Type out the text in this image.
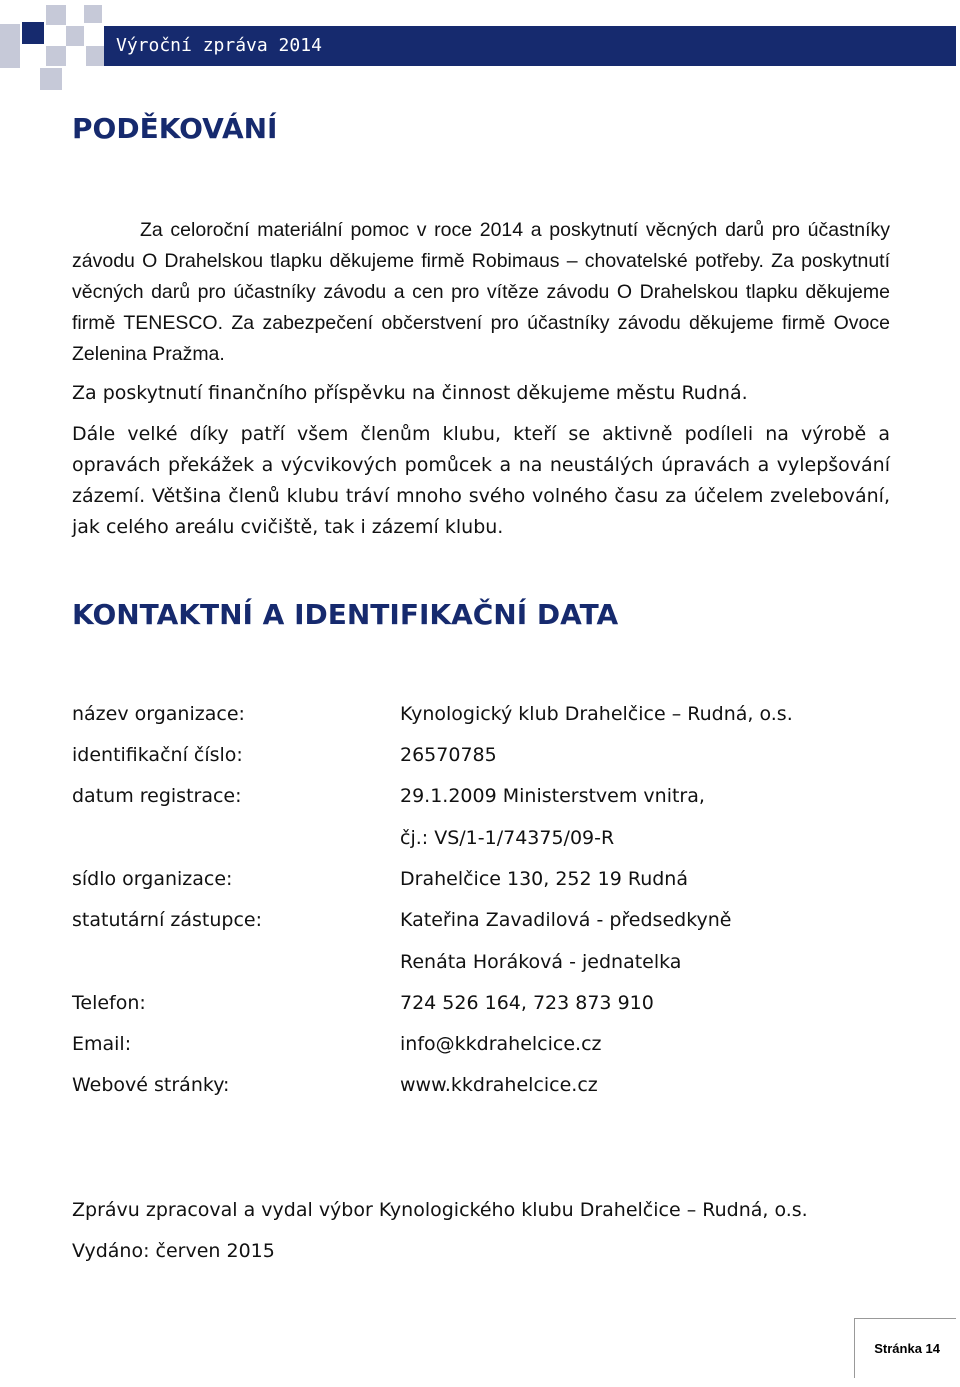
Výroční zpráva 2014
PODĚKOVÁNÍ

Za celoroční materiální pomoc v roce 2014 a poskytnutí věcných darů pro účastníky závodu O Drahelskou tlapku děkujeme firmě Robimaus – chovatelské potřeby. Za poskytnutí věcných darů pro účastníky závodu a cen pro vítěze závodu O Drahelskou tlapku děkujeme firmě TENESCO. Za zabezpečení občerstvení pro účastníky závodu děkujeme firmě Ovoce Zelenina Pražma.

Za poskytnutí finančního příspěvku na činnost děkujeme městu Rudná.

Dále velké díky patří všem členům klubu, kteří se aktivně podíleli na výrobě a opravách překážek a výcvikových pomůcek a na neustálých úpravách a vylepšování zázemí. Většina členů klubu tráví mnoho svého volného času za účelem zvelebování, jak celého areálu cvičiště, tak i zázemí klubu.

KONTAKTNÍ A IDENTIFIKAČNÍ DATA

název organizace:	Kynologický klub Drahelčice – Rudná, o.s.

identifikační číslo:	26570785

datum registrace:	29.1.2009 Ministerstvem vnitra,

čj.: VS/1-1/74375/09-R

sídlo organizace:	Drahelčice 130, 252 19 Rudná

statutární zástupce:	Kateřina Zavadilová - předsedkyně

Renáta Horáková - jednatelka

Telefon:	724 526 164, 723 873 910

Email:	info@kkdrahelcice.cz

Webové stránky:	www.kkdrahelcice.cz

Zprávu zpracoval a vydal výbor Kynologického klubu Drahelčice – Rudná, o.s.

Vydáno: červen 2015

Stránka 14
